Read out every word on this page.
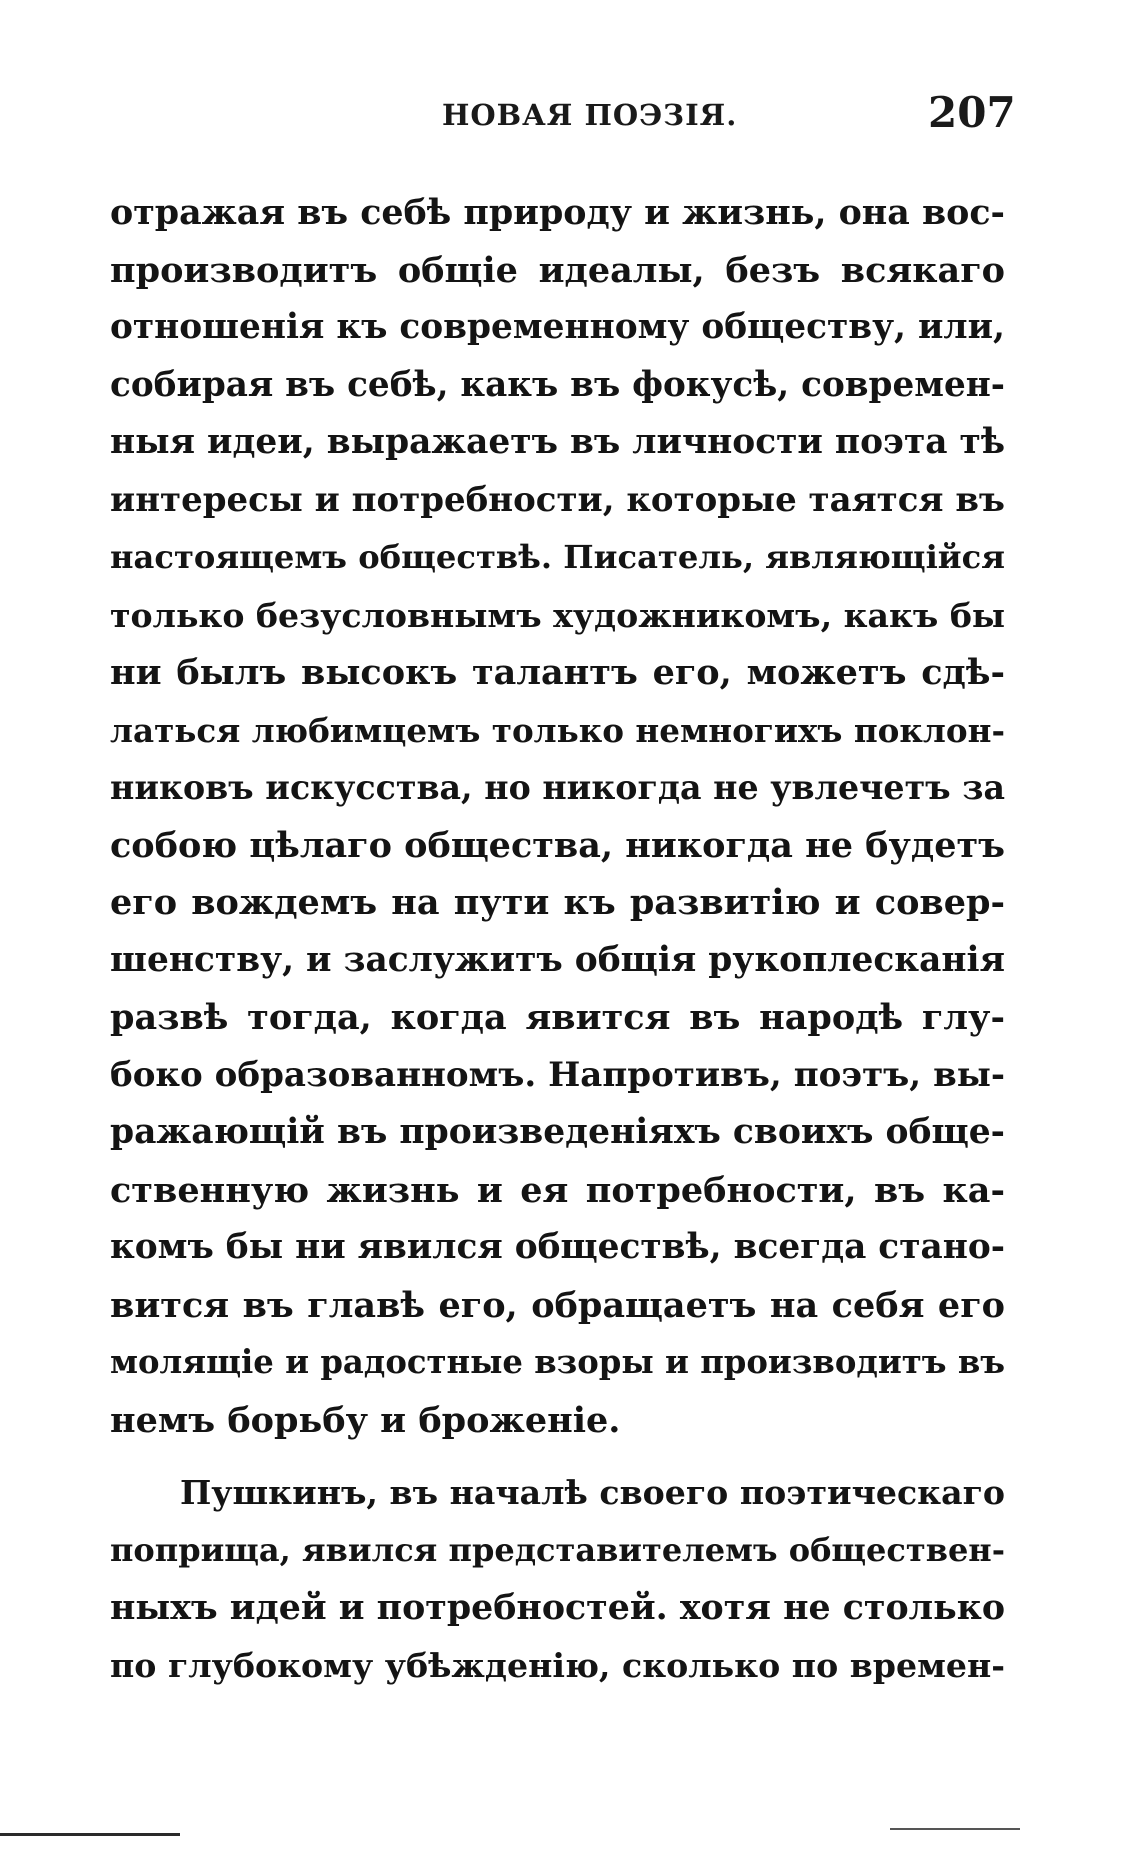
НОВАЯ ПОЭЗІЯ.	207
отражая въ себѣ природу и жизнь, она вос-
производитъ общіе идеалы, безъ всякаго
отношенія къ современному обществу, или,
собирая въ себѣ, какъ въ фокусѣ, современ-
ныя идеи, выражаетъ въ личности поэта тѣ
интересы и потребности, которые таятся въ
настоящемъ обществѣ. Писатель, являющійся
только безусловнымъ художникомъ, какъ бы
ни былъ высокъ талантъ его, можетъ сдѣ-
латься любимцемъ только немногихъ поклон-
никовъ искусства, но никогда не увлечетъ за
собою цѣлаго общества, никогда не будетъ
его вождемъ на пути къ развитію и совер-
шенству, и заслужитъ общія рукоплесканія
развѣ тогда, когда явится въ народѣ глу-
боко образованномъ. Напротивъ, поэтъ, вы-
ражающій въ произведеніяхъ своихъ обще-
ственную жизнь и ея потребности, въ ка-
комъ бы ни явился обществѣ, всегда стано-
вится въ главѣ его, обращаетъ на себя его
молящіе и радостные взоры и производитъ въ
немъ борьбу и броженіе.
Пушкинъ, въ началѣ своего поэтическаго
поприща, явился представителемъ обществен-
ныхъ идей и потребностей. хотя не столько
по глубокому убѣжденію, сколько по времен-
